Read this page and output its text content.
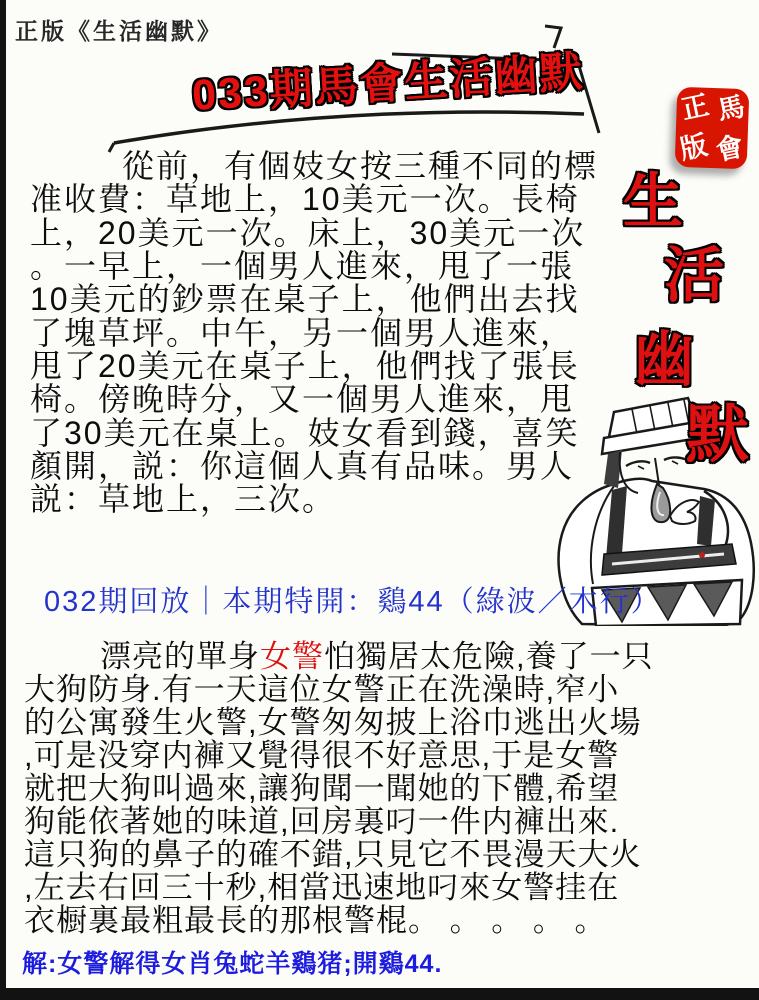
正版《生活幽默》
033期馬會生活幽默	正 馬
版 會
從前，有個妓女按三種不同的標
准收費：草地上，10美元一次。長椅
上，20美元一次。床上，30美元一次
。一早上，一個男人進來，甩了一張
10美元的鈔票在桌子上，他們出去找
了塊草坪。中午，另一個男人進來，
甩了20美元在桌子上，他們找了張長
椅。傍晚時分，又一個男人進來，甩
了30美元在桌上。妓女看到錢，喜笑
顏開，説：你這個人真有品味。男人
説：草地上，三次。
生
活
幽
默
032期回放｜本期特開：鷄44（綠波／木行）
漂亮的單身女警怕獨居太危險,養了一只
大狗防身.有一天這位女警正在洗澡時,窄小
的公寓發生火警,女警匆匆披上浴巾逃出火場
,可是没穿内褲又覺得很不好意思,于是女警
就把大狗叫過來,讓狗聞一聞她的下體,希望
狗能依著她的味道,回房裏叼一件内褲出來.
這只狗的鼻子的確不錯,只見它不畏漫天大火
,左去右回三十秒,相當迅速地叼來女警挂在
衣橱裏最粗最長的那根警棍。 。 。 。 。
解:女警解得女肖兔蛇羊鷄猪;開鷄44.
